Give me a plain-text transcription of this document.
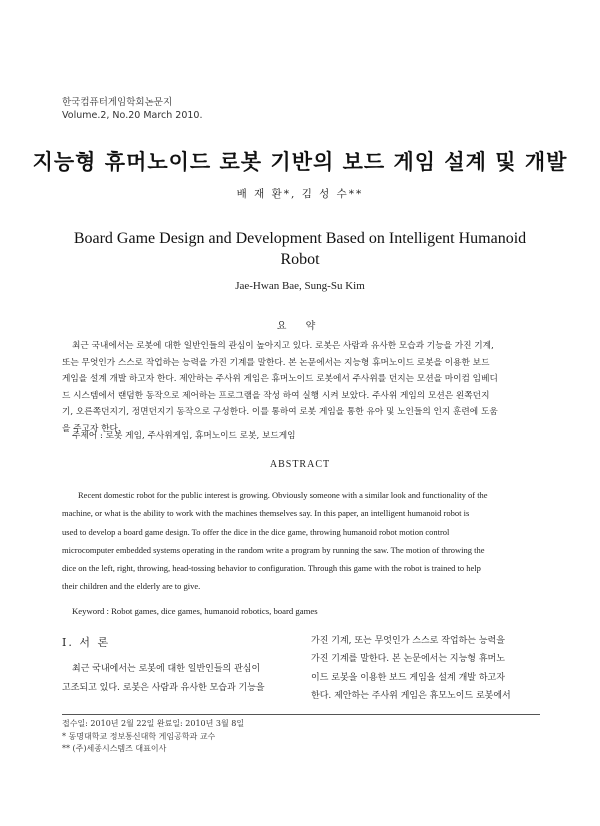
한국컴퓨터게임학회논문지
Volume.2, No.20 March 2010.
지능형 휴머노이드 로봇 기반의 보드 게임 설계 및 개발
배 재 환*, 김 성 수**
Board Game Design and Development Based on Intelligent Humanoid Robot
Jae-Hwan Bae, Sung-Su Kim
요 약
최근 국내에서는 로봇에 대한 일반인들의 관심이 높아지고 있다. 로봇은 사람과 유사한 모습과 기능을 가진 기계,
또는 무엇인가 스스로 작업하는 능력을 가진 기계를 말한다. 본 논문에서는 지능형 휴머노이드 로봇을 이용한 보드
게임을 설계 개발 하고자 한다. 제안하는 주사위 게임은 휴머노이드 로봇에서 주사위를 던지는 모션을 마이컴 임베디
드 시스템에서 랜덤한 동작으로 제어하는 프로그램을 작성 하여 실행 시켜 보았다. 주사위 게임의 모션은 왼쪽던지
기, 오른쪽던지기, 정면던지기 동작으로 구성한다. 이를 통하여 로봇 게임을 통한 유아 및 노인들의 인지 훈련에 도움
을 주고자 한다.
주제어 : 로봇 게임, 주사위게임, 휴머노이드 로봇, 보드게임
ABSTRACT
Recent domestic robot for the public interest is growing. Obviously someone with a similar look and functionality of the
machine, or what is the ability to work with the machines themselves say. In this paper, an intelligent humanoid robot is
used to develop a board game design. To offer the dice in the dice game, throwing humanoid robot motion control
microcomputer embedded systems operating in the random write a program by running the saw. The motion of throwing the
dice on the left, right, throwing, head-tossing behavior to configuration. Through this game with the robot is trained to help
their children and the elderly are to give.
Keyword : Robot games, dice games, humanoid robotics, board games
I. 서 론
최근 국내에서는 로봇에 대한 일반인들의 관심이
고조되고 있다. 로봇은 사람과 유사한 모습과 기능을
가진 기계, 또는 무엇인가 스스로 작업하는 능력을
가진 기계를 말한다. 본 논문에서는 지능형 휴머노
이드 로봇을 이용한 보드 게임을 설계 개발 하고자
한다. 제안하는 주사위 게임은 휴모노이드 로봇에서
접수일: 2010년 2월 22일 완료일: 2010년 3월 8일
* 동명대학교 정보통신대학 게임공학과 교수
** (주)세종시스템즈 대표이사
